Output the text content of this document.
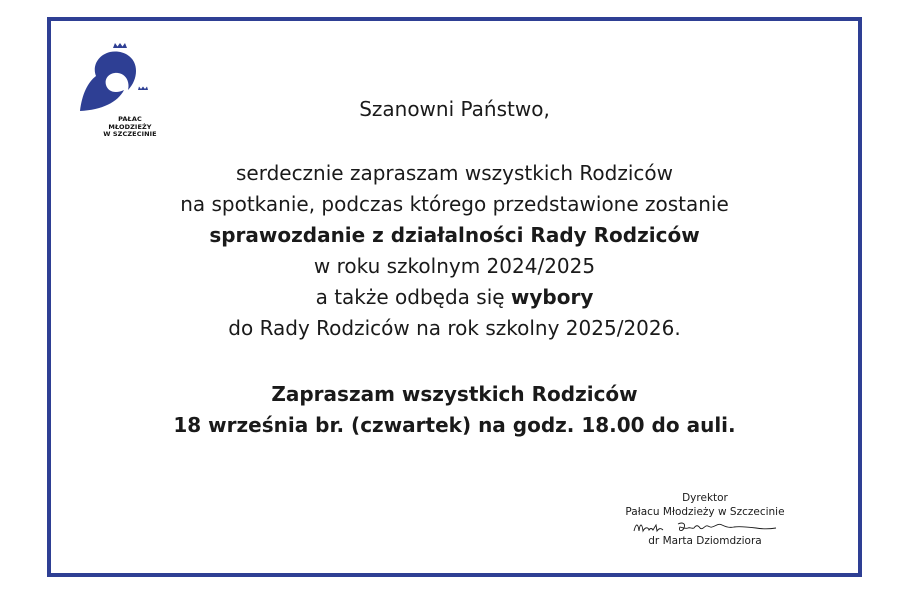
PAŁAC
MŁODZIEŻY
W SZCZECINIE
Szanowni Państwo,
serdecznie zapraszam wszystkich Rodziców
na spotkanie, podczas którego przedstawione zostanie
sprawozdanie z działalności Rady Rodziców
w roku szkolnym 2024/2025
a także odbęda się wybory
do Rady Rodziców na rok szkolny 2025/2026.
Zapraszam wszystkich Rodziców
18 września br. (czwartek) na godz. 18.00 do auli.
Dyrektor
Pałacu Młodzieży w Szczecinie
dr Marta Dziomdziora
